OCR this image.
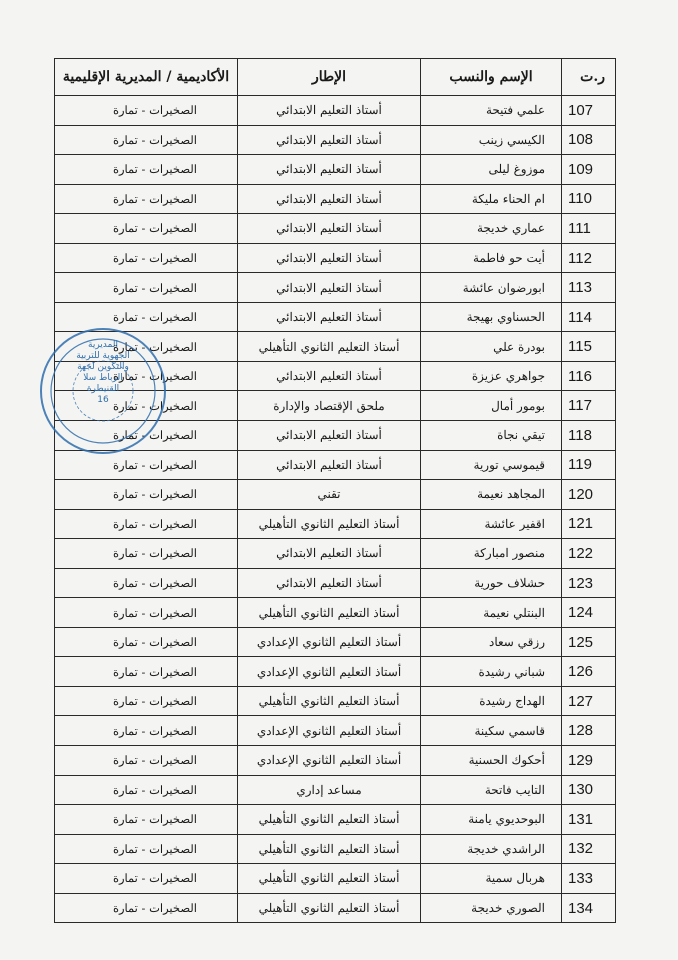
ر.ت	الإسم والنسب	الإطار	الأكاديمية / المديرية الإقليمية
107	علمي فتيحة	أستاذ التعليم الابتدائي	الصخيرات - تمارة
108	الكيسي زينب	أستاذ التعليم الابتدائي	الصخيرات - تمارة
109	موزوغ ليلى	أستاذ التعليم الابتدائي	الصخيرات - تمارة
110	ام الحناء مليكة	أستاذ التعليم الابتدائي	الصخيرات - تمارة
111	عماري خديجة	أستاذ التعليم الابتدائي	الصخيرات - تمارة
112	أيت حو فاطمة	أستاذ التعليم الابتدائي	الصخيرات - تمارة
113	ابورضوان عائشة	أستاذ التعليم الابتدائي	الصخيرات - تمارة
114	الحسناوي بهيجة	أستاذ التعليم الابتدائي	الصخيرات - تمارة
115	بودرة علي	أستاذ التعليم الثانوي التأهيلي	الصخيرات - تمارة
116	جواهري عزيزة	أستاذ التعليم الابتدائي	الصخيرات - تمارة
117	بومور أمال	ملحق الإقتصاد والإدارة	الصخيرات - تمارة
118	تيقي نجاة	أستاذ التعليم الابتدائي	الصخيرات - تمارة
119	قيموسي تورية	أستاذ التعليم الابتدائي	الصخيرات - تمارة
120	المجاهد نعيمة	تقني	الصخيرات - تمارة
121	اقفير عائشة	أستاذ التعليم الثانوي التأهيلي	الصخيرات - تمارة
122	منصور امباركة	أستاذ التعليم الابتدائي	الصخيرات - تمارة
123	حشلاف حورية	أستاذ التعليم الابتدائي	الصخيرات - تمارة
124	البنتلي نعيمة	أستاذ التعليم الثانوي التأهيلي	الصخيرات - تمارة
125	رزقي سعاد	أستاذ التعليم الثانوي الإعدادي	الصخيرات - تمارة
126	شباني رشيدة	أستاذ التعليم الثانوي الإعدادي	الصخيرات - تمارة
127	الهداج رشيدة	أستاذ التعليم الثانوي التأهيلي	الصخيرات - تمارة
128	قاسمي سكينة	أستاذ التعليم الثانوي الإعدادي	الصخيرات - تمارة
129	أحكوك الحسنية	أستاذ التعليم الثانوي الإعدادي	الصخيرات - تمارة
130	التايب فاتحة	مساعد إداري	الصخيرات - تمارة
131	البوحديوي يامنة	أستاذ التعليم الثانوي التأهيلي	الصخيرات - تمارة
132	الراشدي خديجة	أستاذ التعليم الثانوي التأهيلي	الصخيرات - تمارة
133	هربال سمية	أستاذ التعليم الثانوي التأهيلي	الصخيرات - تمارة
134	الصوري خديجة	أستاذ التعليم الثانوي التأهيلي	الصخيرات - تمارة
المديرية
الجهوية للتربية
والتكوين لجهة
الرباط سلا
القنيطرة
16
